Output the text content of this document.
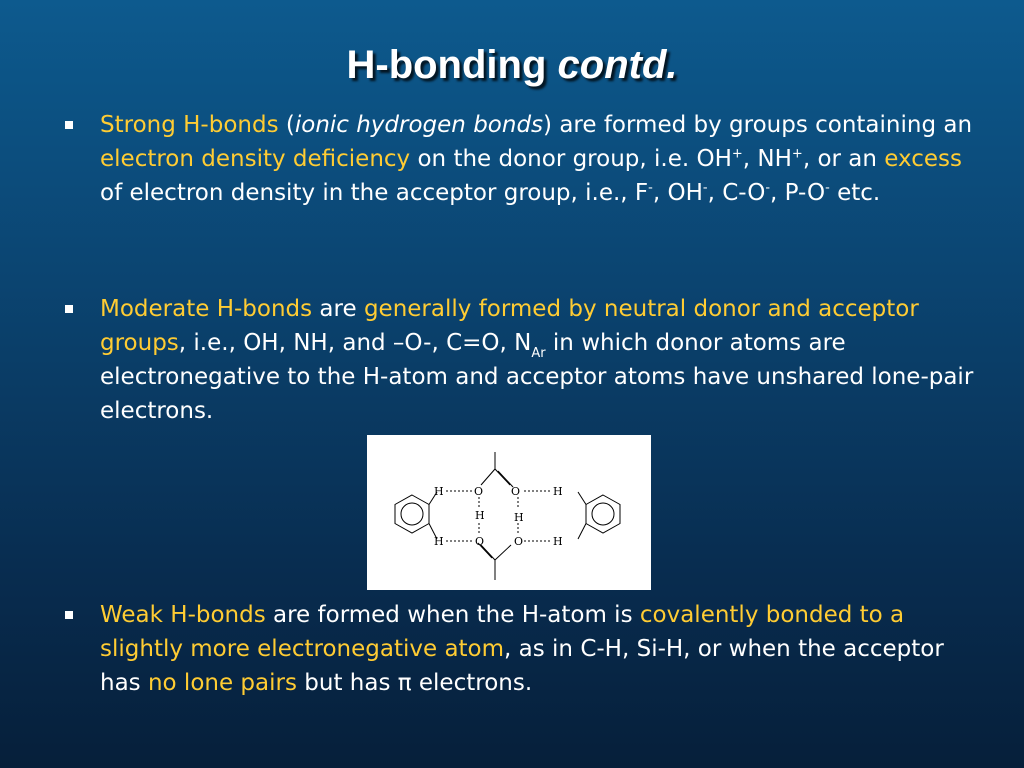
H-bonding contd.
Strong H-bonds (ionic hydrogen bonds) are formed by groups containing an electron density deficiency on the donor group, i.e. OH+, NH+, or an excess of electron density in the acceptor group, i.e., F-, OH-, C-O-, P-O- etc.
Moderate H-bonds are generally formed by neutral donor and acceptor groups, i.e., OH, NH, and –O-, C=O, $N_{Ar}$ in which donor atoms are electronegative to the H-atom and acceptor atoms have unshared lone-pair electrons.
H	O	O	H
H	H
H	O	O	H
Weak H-bonds are formed when the H-atom is covalently bonded to a slightly more electronegative atom, as in C-H, Si-H, or when the acceptor has no lone pairs but has π electrons.
